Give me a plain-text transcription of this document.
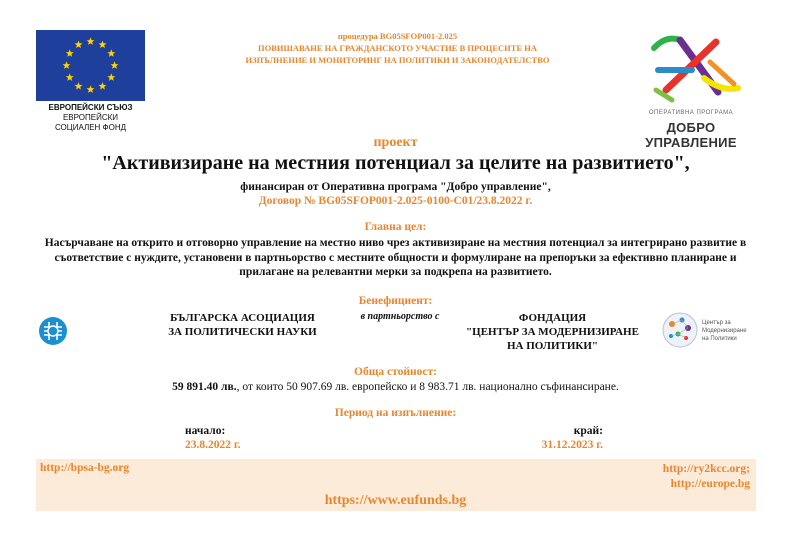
ЕВРОПЕЙСКИ СЪЮЗ
ЕВРОПЕЙСКИ
СОЦИАЛЕН ФОНД
процедура BG05SFOP001-2.025
ПОВИШАВАНЕ НА ГРАЖДАНСКОТО УЧАСТИЕ В ПРОЦЕСИТЕ НА
ИЗПЪЛНЕНИЕ И МОНИТОРИНГ НА ПОЛИТИКИ И ЗАКОНОДАТЕЛСТВО
ОПЕРАТИВНА ПРОГРАМА
ДОБРО УПРАВЛЕНИЕ
проект
"Активизиране на местния потенциал за целите на развитието",
финансиран от Оперативна програма "Добро управление",
Договор № BG05SFOP001-2.025-0100-C01/23.8.2022 г.
Главна цел:
Насърчаване на открито и отговорно управление на местно ниво чрез активизиране на местния потенциал за интегрирано развитие в съответствие с нуждите, установени в партньорство с местните общности и формулиране на препоръки за ефективно планиране и прилагане на релевантни мерки за подкрепа на развитието.
Бенефициент:
БЪЛГАРСКА АСОЦИАЦИЯ
ЗА ПОЛИТИЧЕСКИ НАУКИ
в партньорство с	ФОНДАЦИЯ
"ЦЕНТЪР ЗА МОДЕРНИЗИРАНЕ
НА ПОЛИТИКИ"
Център за
Модернизиране
на Политики
Обща стойност:
59 891.40 лв., от които 50 907.69 лв. европейско и 8 983.71 лв. национално съфинансиране.
Период на изпълнение:
начало:
23.8.2022 г.
край:
31.12.2023 г.
http://bpsa-bg.org	http://ry2kcc.org;
http://europe.bg
https://www.eufunds.bg
